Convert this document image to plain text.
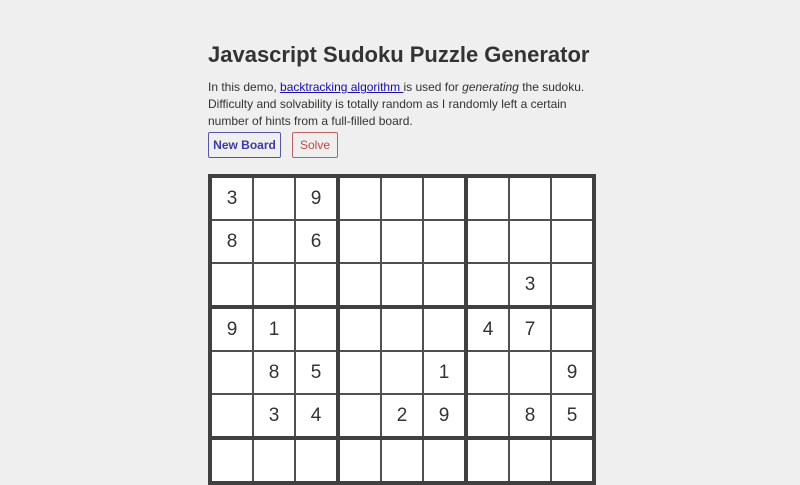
Javascript Sudoku Puzzle Generator

In this demo, backtracking algorithm is used for generating the sudoku. Difficulty and solvability is totally random as I randomly left a certain number of hints from a full-filled board.

New Board	Solve
3		9						
8		6						
							3	
9	1					4	7	
	8	5			1			9
	3	4		2	9		8	5
